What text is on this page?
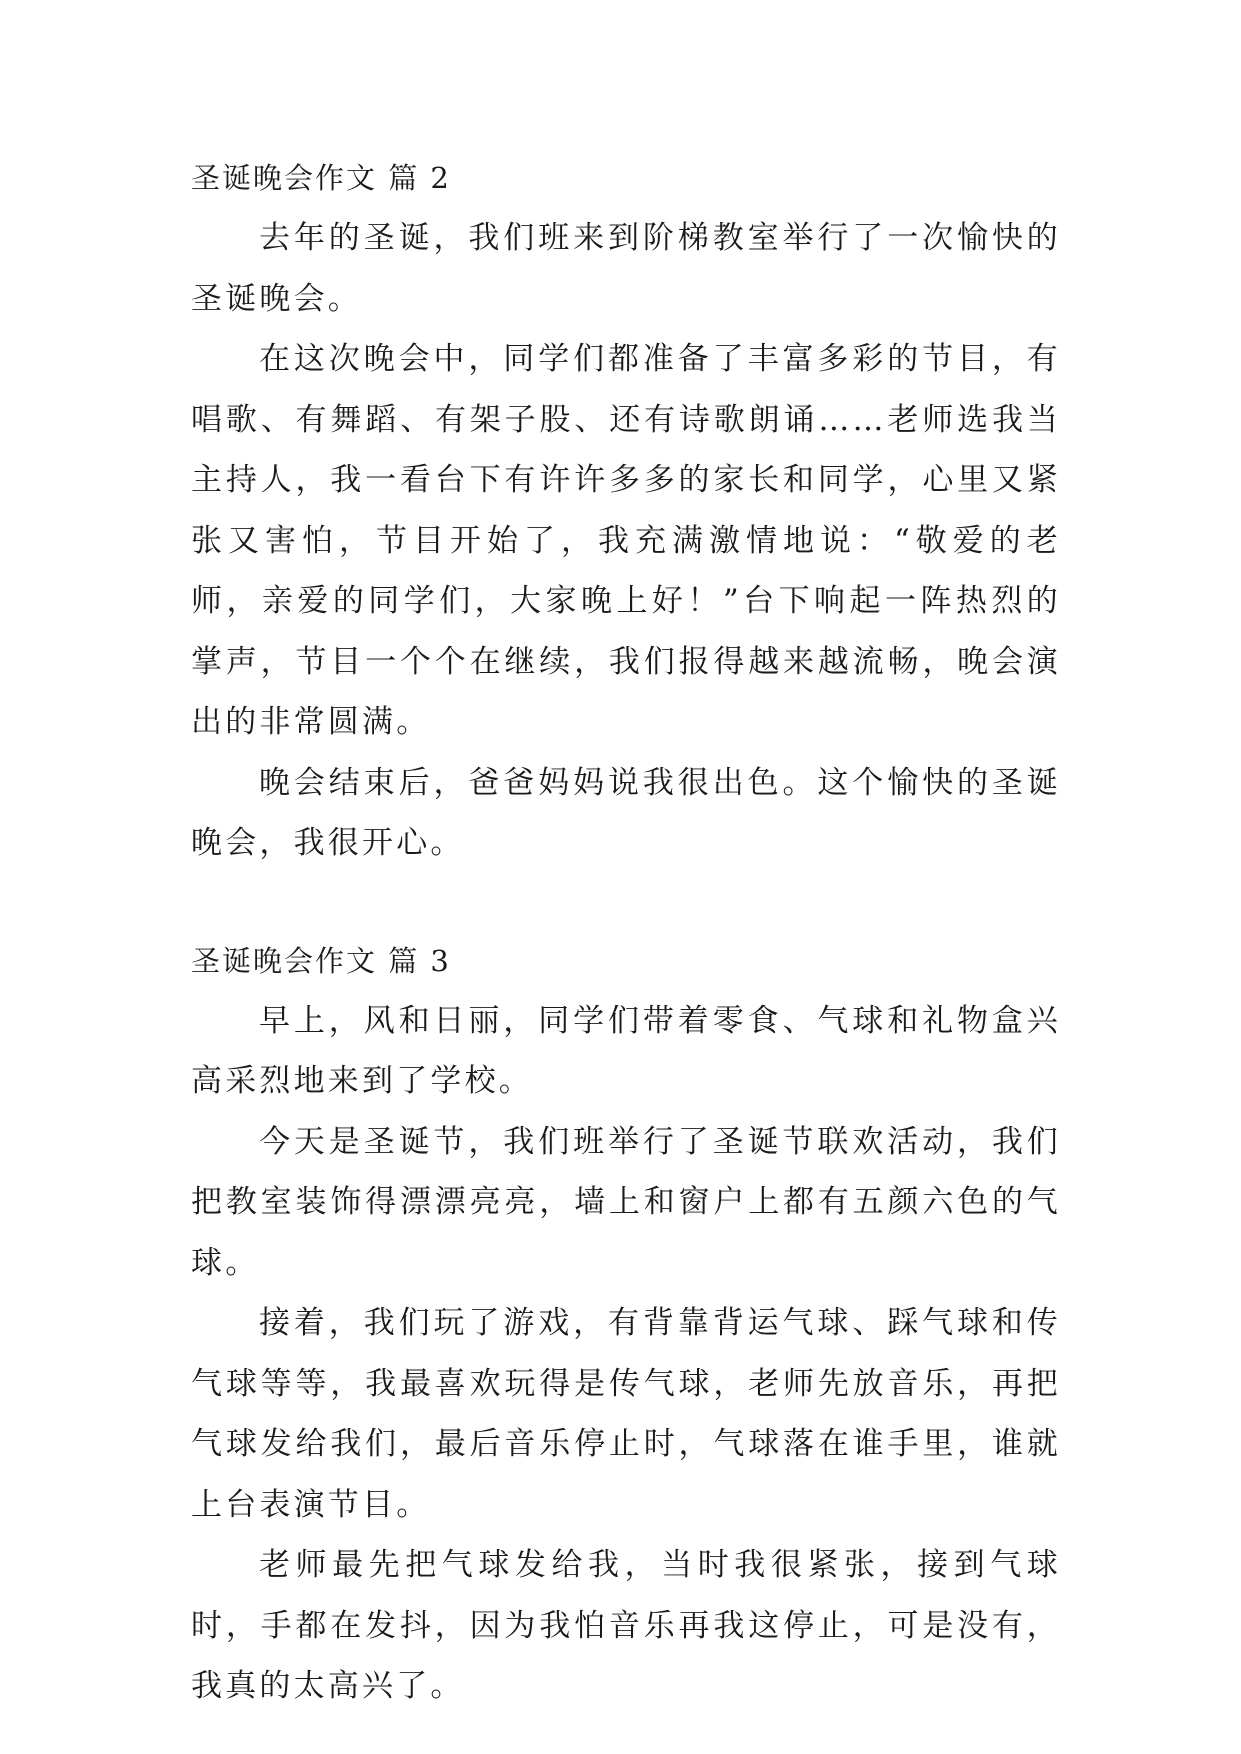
圣诞晚会作文 篇 2

去年的圣诞，我们班来到阶梯教室举行了一次愉快的圣诞晚会。

在这次晚会中，同学们都准备了丰富多彩的节目，有唱歌、有舞蹈、有架子股、还有诗歌朗诵……老师选我当主持人，我一看台下有许许多多的家长和同学，心里又紧张又害怕，节目开始了，我充满激情地说：“敬爱的老师，亲爱的同学们，大家晚上好！”台下响起一阵热烈的掌声，节目一个个在继续，我们报得越来越流畅，晚会演出的非常圆满。

晚会结束后，爸爸妈妈说我很出色。这个愉快的圣诞晚会，我很开心。

圣诞晚会作文 篇 3

早上，风和日丽，同学们带着零食、气球和礼物盒兴高采烈地来到了学校。

今天是圣诞节，我们班举行了圣诞节联欢活动，我们把教室装饰得漂漂亮亮，墙上和窗户上都有五颜六色的气球。

接着，我们玩了游戏，有背靠背运气球、踩气球和传气球等等，我最喜欢玩得是传气球，老师先放音乐，再把气球发给我们，最后音乐停止时，气球落在谁手里，谁就上台表演节目。

老师最先把气球发给我，当时我很紧张，接到气球时，手都在发抖，因为我怕音乐再我这停止，可是没有，我真的太高兴了。
